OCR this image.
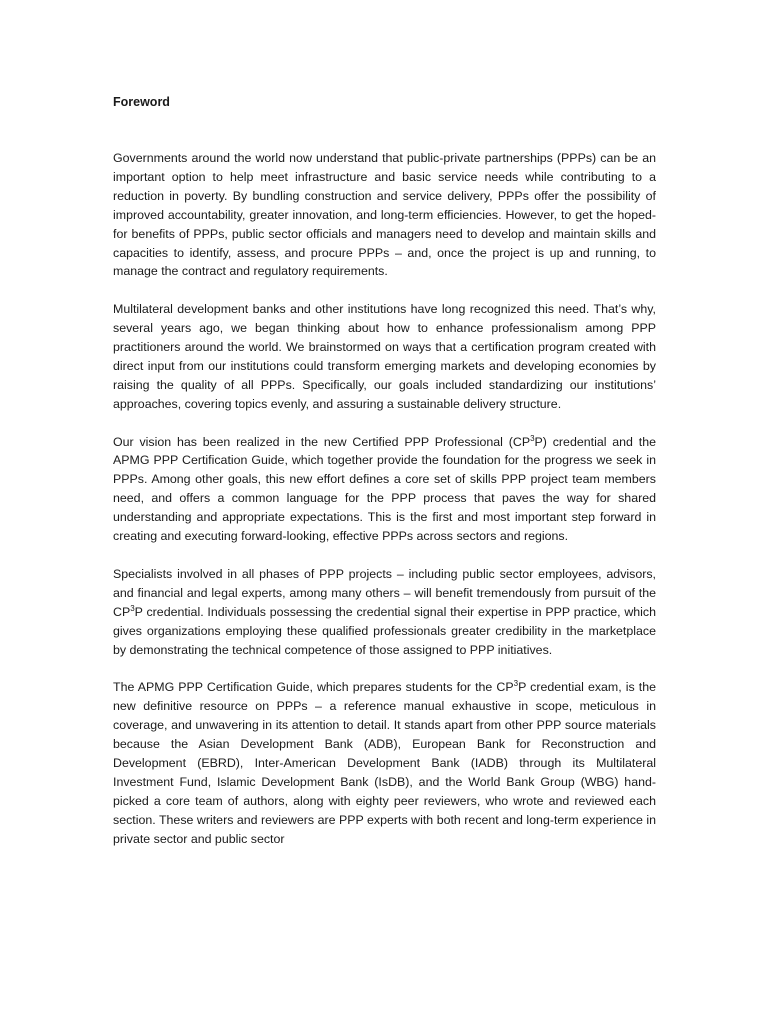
Foreword

Governments around the world now understand that public-private partnerships (PPPs) can be an important option to help meet infrastructure and basic service needs while contributing to a reduction in poverty. By bundling construction and service delivery, PPPs offer the possibility of improved accountability, greater innovation, and long-term efficiencies. However, to get the hoped-for benefits of PPPs, public sector officials and managers need to develop and maintain skills and capacities to identify, assess, and procure PPPs – and, once the project is up and running, to manage the contract and regulatory requirements.

Multilateral development banks and other institutions have long recognized this need. That’s why, several years ago, we began thinking about how to enhance professionalism among PPP practitioners around the world. We brainstormed on ways that a certification program created with direct input from our institutions could transform emerging markets and developing economies by raising the quality of all PPPs. Specifically, our goals included standardizing our institutions’ approaches, covering topics evenly, and assuring a sustainable delivery structure.

Our vision has been realized in the new Certified PPP Professional $(CP^3P)$ credential and the APMG PPP Certification Guide, which together provide the foundation for the progress we seek in PPPs. Among other goals, this new effort defines a core set of skills PPP project team members need, and offers a common language for the PPP process that paves the way for shared understanding and appropriate expectations. This is the first and most important step forward in creating and executing forward-looking, effective PPPs across sectors and regions.

Specialists involved in all phases of PPP projects – including public sector employees, advisors, and financial and legal experts, among many others – will benefit tremendously from pursuit of the $CP^3P$ credential. Individuals possessing the credential signal their expertise in PPP practice, which gives organizations employing these qualified professionals greater credibility in the marketplace by demonstrating the technical competence of those assigned to PPP initiatives.

The APMG PPP Certification Guide, which prepares students for the $CP^3P$ credential exam, is the new definitive resource on PPPs – a reference manual exhaustive in scope, meticulous in coverage, and unwavering in its attention to detail. It stands apart from other PPP source materials because the Asian Development Bank (ADB), European Bank for Reconstruction and Development (EBRD), Inter-American Development Bank (IADB) through its Multilateral Investment Fund, Islamic Development Bank (IsDB), and the World Bank Group (WBG) hand-picked a core team of authors, along with eighty peer reviewers, who wrote and reviewed each section. These writers and reviewers are PPP experts with both recent and long-term experience in private sector and public sector
